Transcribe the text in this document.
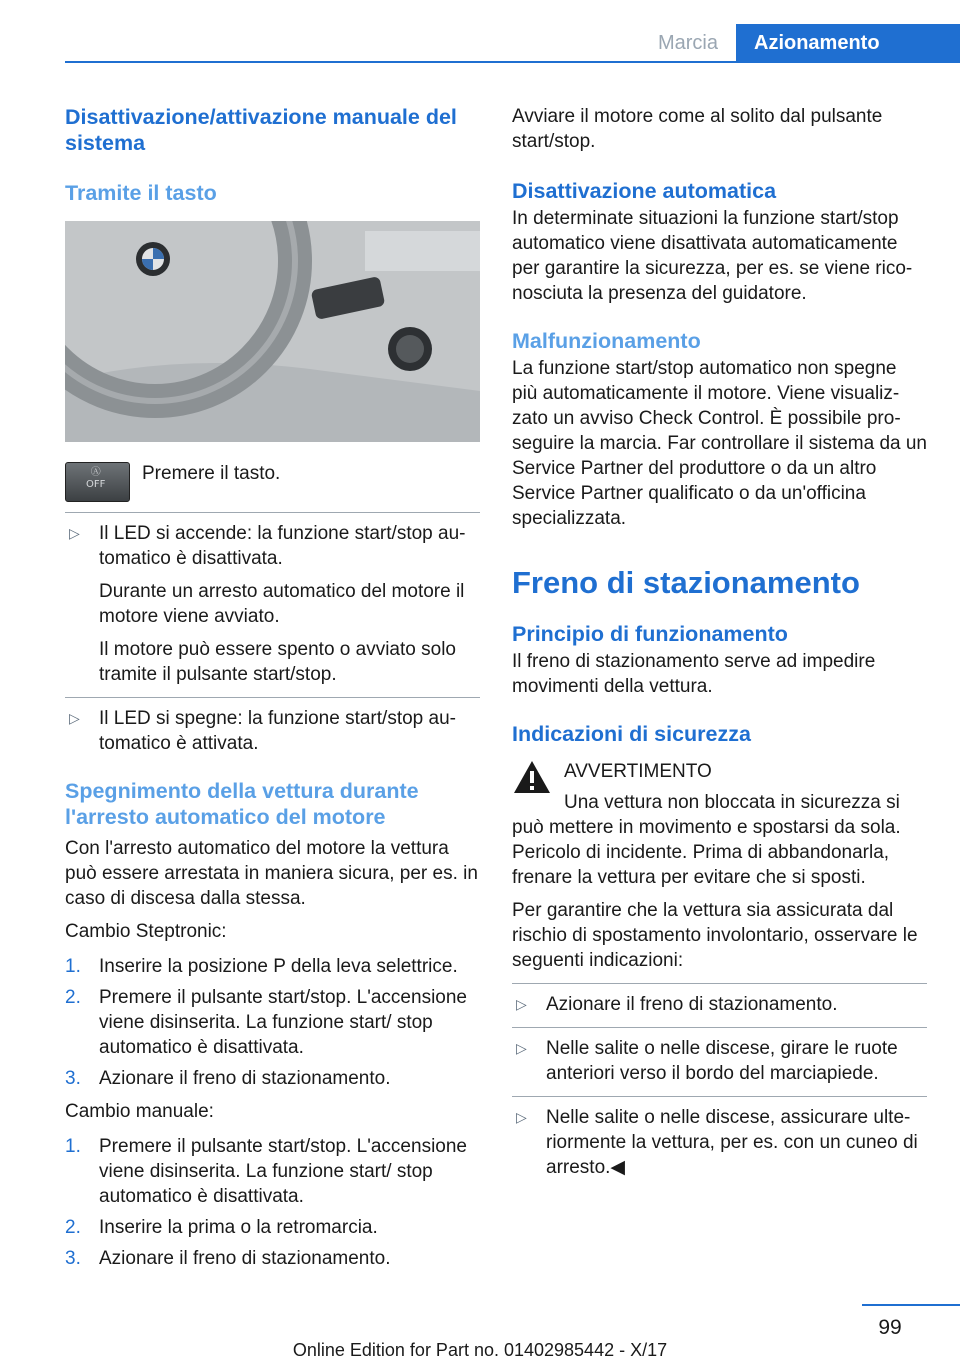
Marcia	Azionamento
Disattivazione/attivazione manuale del sistema
Tramite il tasto
Ⓐ
OFF

Premere il tasto.

▷	Il LED si accende: la funzione start/stop automatico è disattivata.

Durante un arresto automatico del motore il motore viene avviato.

Il motore può essere spento o avviato solo tramite il pulsante start/stop.

▷	Il LED si spegne: la funzione start/stop automatico è attivata.

Spegnimento della vettura durante l'arresto automatico del motore

Con l'arresto automatico del motore la vettura può essere arrestata in maniera sicura, per es. in caso di discesa dalla stessa.

Cambio Steptronic:

1. Inserire la posizione P della leva selettrice.

2. Premere il pulsante start/stop. L'accensione viene disinserita. La funzione start/ stop automatico è disattivata.

3. Azionare il freno di stazionamento.

Cambio manuale:

1. Premere il pulsante start/stop. L'accensione viene disinserita. La funzione start/ stop automatico è disattivata.

2. Inserire la prima o la retromarcia.

3. Azionare il freno di stazionamento.

Avviare il motore come al solito dal pulsante start/stop.

Disattivazione automatica

In determinate situazioni la funzione start/stop automatico viene disattivata automaticamente per garantire la sicurezza, per es. se viene riconosciuta la presenza del guidatore.

Malfunzionamento

La funzione start/stop automatico non spegne più automaticamente il motore. Viene visualizzato un avviso Check Control. È possibile proseguire la marcia. Far controllare il sistema da un Service Partner del produttore o da un altro Service Partner qualificato o da un'officina specializzata.

Freno di stazionamento
Principio di funzionamento

Il freno di stazionamento serve ad impedire movimenti della vettura.

Indicazioni di sicurezza

AVVERTIMENTO

Una vettura non bloccata in sicurezza si

può mettere in movimento e spostarsi da sola. Pericolo di incidente. Prima di abbandonarla, frenare la vettura per evitare che si sposti.

Per garantire che la vettura sia assicurata dal rischio di spostamento involontario, osservare le seguenti indicazioni:

▷	Azionare il freno di stazionamento.

▷	Nelle salite o nelle discese, girare le ruote anteriori verso il bordo del marciapiede.

▷	Nelle salite o nelle discese, assicurare ulteriormente la vettura, per es. con un cuneo di arresto.◀

99
Online Edition for Part no. 01402985442 - X/17
